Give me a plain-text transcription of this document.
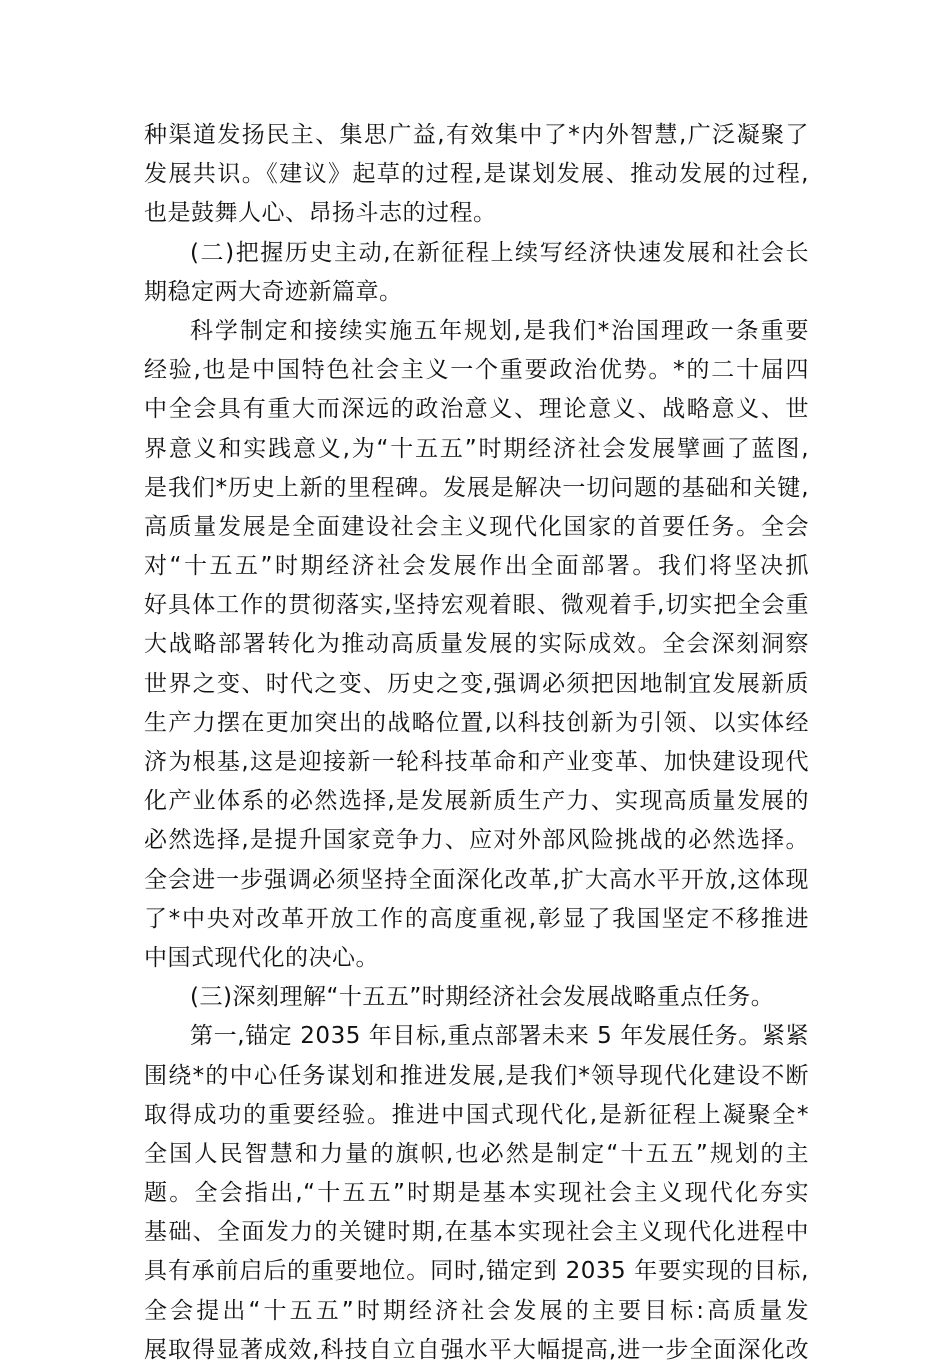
种渠道发扬民主、集思广益,有效集中了*内外智慧,广泛凝聚了
发展共识。《建议》起草的过程,是谋划发展、推动发展的过程,
也是鼓舞人心、昂扬斗志的过程。
(二)把握历史主动,在新征程上续写经济快速发展和社会长
期稳定两大奇迹新篇章。
科学制定和接续实施五年规划,是我们*治国理政一条重要
经验,也是中国特色社会主义一个重要政治优势。*的二十届四
中全会具有重大而深远的政治意义、理论意义、战略意义、世
界意义和实践意义,为“十五五”时期经济社会发展擘画了蓝图,
是我们*历史上新的里程碑。发展是解决一切问题的基础和关键,
高质量发展是全面建设社会主义现代化国家的首要任务。全会
对“十五五”时期经济社会发展作出全面部署。我们将坚决抓
好具体工作的贯彻落实,坚持宏观着眼、微观着手,切实把全会重
大战略部署转化为推动高质量发展的实际成效。全会深刻洞察
世界之变、时代之变、历史之变,强调必须把因地制宜发展新质
生产力摆在更加突出的战略位置,以科技创新为引领、以实体经
济为根基,这是迎接新一轮科技革命和产业变革、加快建设现代
化产业体系的必然选择,是发展新质生产力、实现高质量发展的
必然选择,是提升国家竞争力、应对外部风险挑战的必然选择。
全会进一步强调必须坚持全面深化改革,扩大高水平开放,这体现
了*中央对改革开放工作的高度重视,彰显了我国坚定不移推进
中国式现代化的决心。
(三)深刻理解“十五五”时期经济社会发展战略重点任务。
第一,锚定 2035 年目标,重点部署未来 5 年发展任务。紧紧
围绕*的中心任务谋划和推进发展,是我们*领导现代化建设不断
取得成功的重要经验。推进中国式现代化,是新征程上凝聚全*
全国人民智慧和力量的旗帜,也必然是制定“十五五”规划的主
题。全会指出,“十五五”时期是基本实现社会主义现代化夯实
基础、全面发力的关键时期,在基本实现社会主义现代化进程中
具有承前启后的重要地位。同时,锚定到 2035 年要实现的目标,
全会提出“十五五”时期经济社会发展的主要目标:高质量发
展取得显著成效,科技自立自强水平大幅提高,进一步全面深化改
